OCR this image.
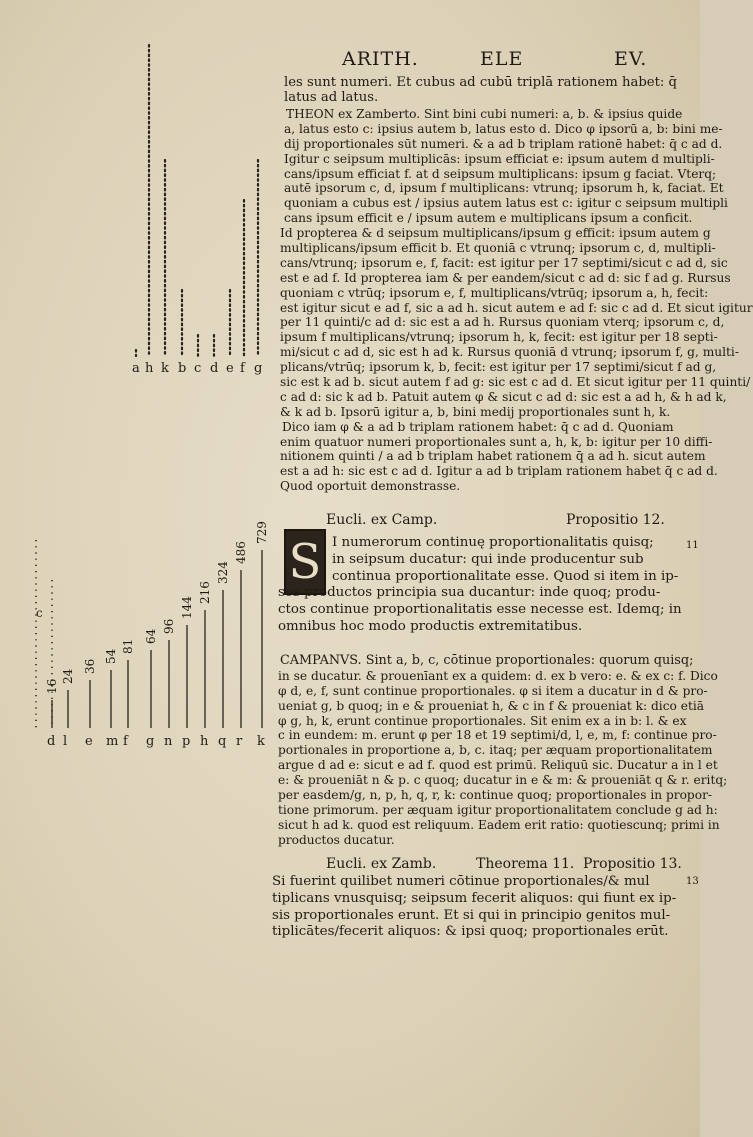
ARITH.	ELE	EV.
les sunt numeri. Et cubus ad cubū triplā rationem habet: q̄
latus ad latus.
THEON ex Zamberto. Sint bini cubi numeri: a, b. & ipsius quide
a, latus esto c: ipsius autem b, latus esto d. Dico φ ipsorū a, b: bini me-
dij proportionales sūt numeri. & a ad b triplam rationē habet: q̄ c ad d.
Igitur c seipsum multiplicās: ipsum efficiat e: ipsum autem d multipli-
cans/ipsum efficiat f. at d seipsum multiplicans: ipsum g faciat. Vterq;
autē ipsorum c, d, ipsum f multiplicans: vtrunq; ipsorum h, k, faciat. Et
quoniam a cubus est / ipsius autem latus est c: igitur c seipsum multipli
cans ipsum efficit e / ipsum autem e multiplicans ipsum a conficit.
Id propterea & d seipsum multiplicans/ipsum g efficit: ipsum autem g
multiplicans/ipsum efficit b. Et quoniā c vtrunq; ipsorum c, d, multipli-
cans/vtrunq; ipsorum e, f, facit: est igitur per 17 septimi/sicut c ad d, sic
est e ad f. Id propterea iam & per eandem/sicut c ad d: sic f ad g. Rursus
quoniam c vtrūq; ipsorum e, f, multiplicans/vtrūq; ipsorum a, h, fecit:
est igitur sicut e ad f, sic a ad h. sicut autem e ad f: sic c ad d. Et sicut igitur
per 11 quinti/c ad d: sic est a ad h. Rursus quoniam vterq; ipsorum c, d,
ipsum f multiplicans/vtrunq; ipsorum h, k, fecit: est igitur per 18 septi-
mi/sicut c ad d, sic est h ad k. Rursus quoniā d vtrunq; ipsorum f, g, multi-
plicans/vtrūq; ipsorum k, b, fecit: est igitur per 17 septimi/sicut f ad g,
sic est k ad b. sicut autem f ad g: sic est c ad d. Et sicut igitur per 11 quinti/
c ad d: sic k ad b. Patuit autem φ & sicut c ad d: sic est a ad h, & h ad k,
& k ad b. Ipsorū igitur a, b, bini medij proportionales sunt h, k.
Dico iam φ & a ad b triplam rationem habet: q̄ c ad d. Quoniam
enim quatuor numeri proportionales sunt a, h, k, b: igitur per 10 diffi-
nitionem quinti / a ad b triplam habet rationem q̄ a ad h. sicut autem
est a ad h: sic est c ad d. Igitur a ad b triplam rationem habet q̄ c ad d.
Quod oportuit demonstrasse.
Eucli. ex Camp.	Propositio 12.
11
S I numerorum continuę proportionalitatis quisq;
in seipsum ducatur: qui inde producentur sub
continua proportionalitate esse. Quod si item in ip-
sos productos principia sua ducantur: inde quoq; produ-
ctos continue proportionalitatis esse necesse est. Idemq; in
omnibus hoc modo productis extremitatibus.
CAMPANVS. Sint a, b, c, cōtinue proportionales: quorum quisq;
in se ducatur. & prouenīant ex a quidem: d. ex b vero: e. & ex c: f. Dico
φ d, e, f, sunt continue proportionales. φ si item a ducatur in d & pro-
ueniat g, b quoq; in e & proueniat h, & c in f & proueniat k: dico etiā
φ g, h, k, erunt continue proportionales. Sit enim ex a in b: l. & ex
c in eundem: m. erunt φ per 18 et 19 septimi/d, l, e, m, f: continue pro-
portionales in proportione a, b, c. itaq; per æquam proportionalitatem
argue d ad e: sicut e ad f. quod est primū. Reliquū sic. Ducatur a in l et
e: & proueniāt n & p. c quoq; ducatur in e & m: & proueniāt q & r. eritq;
per easdem/g, n, p, h, q, r, k: continue quoq; proportionales in propor-
tione primorum. per æquam igitur proportionalitatem conclude g ad h:
sicut h ad k. quod est reliquum. Eadem erit ratio: quotiescunq; primi in
productos ducatur.
Eucli. ex Zamb.	Theorema 11. Propositio 13.
13
Si fuerint quilibet numeri cōtinue proportionales/& mul
tiplicans vnusquisq; seipsum fecerit aliquos: qui fiunt ex ip-
sis proportionales erunt. Et si qui in principio genitos mul-
tiplicātes/fecerit aliquos: & ipsi quoq; proportionales erūt.
a h k b c d e f g
d l e m f g n p h q r k
16
24
36
54
81
64
96
144
216
324
486
729
c
